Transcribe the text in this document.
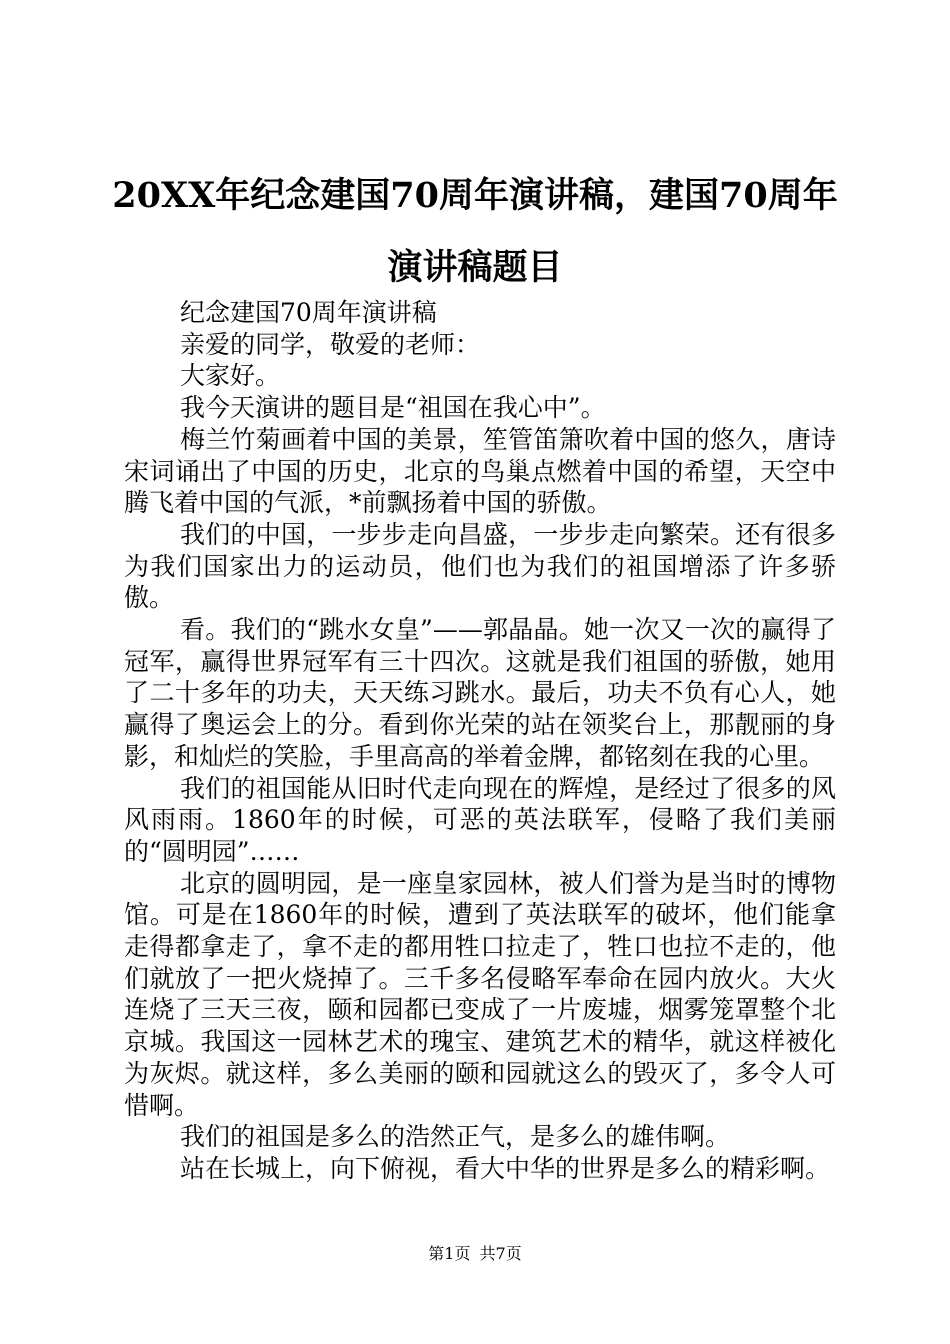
20XX年纪念建国70周年演讲稿，建国70周年演讲稿题目

纪念建国70周年演讲稿

亲爱的同学，敬爱的老师：

大家好。

我今天演讲的题目是“祖国在我心中”。

梅兰竹菊画着中国的美景，笙管笛箫吹着中国的悠久，唐诗宋词诵出了中国的历史，北京的鸟巢点燃着中国的希望，天空中腾飞着中国的气派，*前飘扬着中国的骄傲。

我们的中国，一步步走向昌盛，一步步走向繁荣。还有很多为我们国家出力的运动员，他们也为我们的祖国增添了许多骄傲。

看。我们的“跳水女皇”——郭晶晶。她一次又一次的赢得了冠军，赢得世界冠军有三十四次。这就是我们祖国的骄傲，她用了二十多年的功夫，天天练习跳水。最后，功夫不负有心人，她赢得了奥运会上的分。看到你光荣的站在领奖台上，那靓丽的身影，和灿烂的笑脸，手里高高的举着金牌，都铭刻在我的心里。

我们的祖国能从旧时代走向现在的辉煌，是经过了很多的风风雨雨。1860年的时候，可恶的英法联军，侵略了我们美丽的“圆明园”……

北京的圆明园，是一座皇家园林，被人们誉为是当时的博物馆。可是在1860年的时候，遭到了英法联军的破坏，他们能拿走得都拿走了，拿不走的都用牲口拉走了，牲口也拉不走的，他们就放了一把火烧掉了。三千多名侵略军奉命在园内放火。大火连烧了三天三夜，颐和园都已变成了一片废墟，烟雾笼罩整个北京城。我国这一园林艺术的瑰宝、建筑艺术的精华，就这样被化为灰烬。就这样，多么美丽的颐和园就这么的毁灭了，多令人可惜啊。

我们的祖国是多么的浩然正气，是多么的雄伟啊。

站在长城上，向下俯视，看大中华的世界是多么的精彩啊。

第1页 共7页
